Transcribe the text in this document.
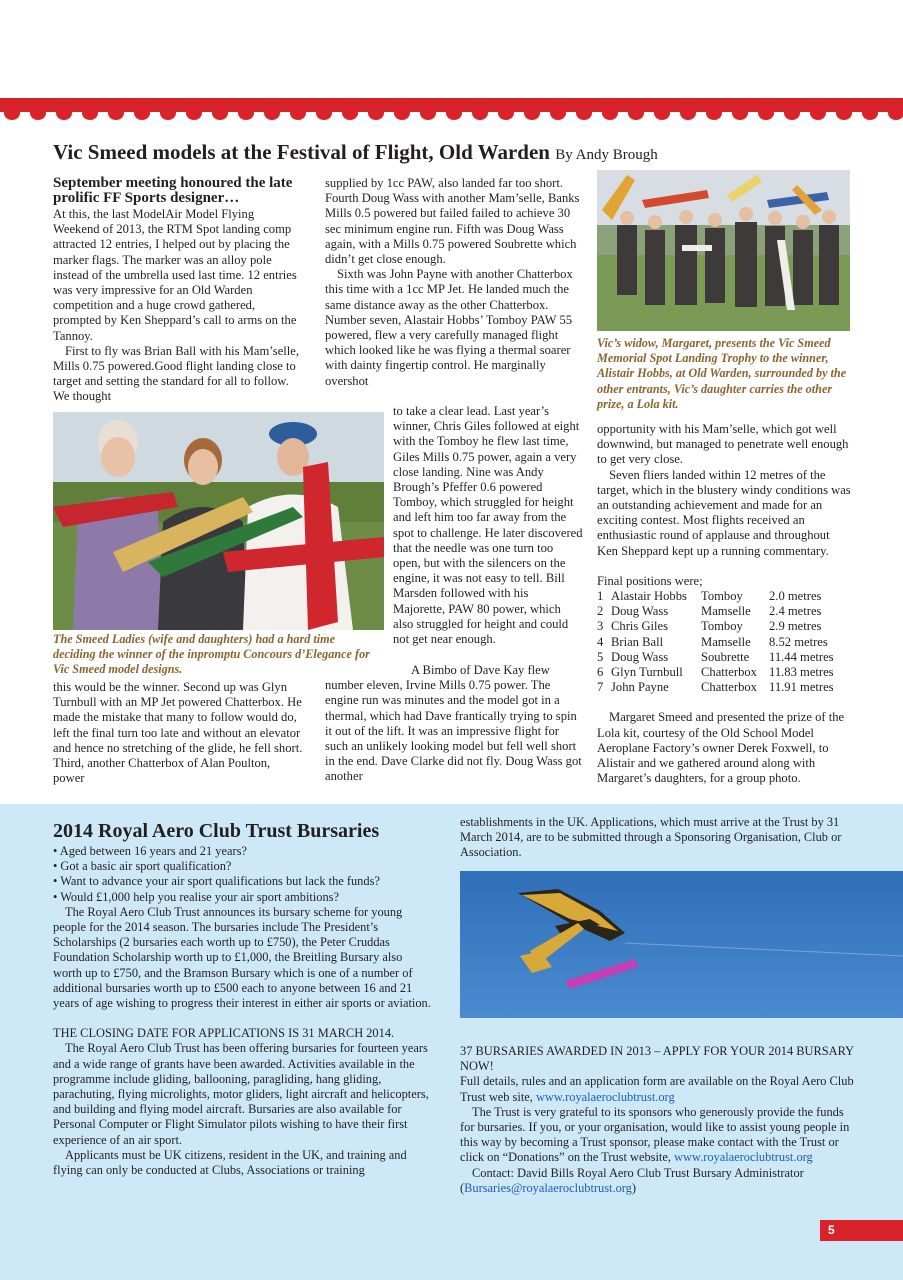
Vic Smeed models at the Festival of Flight, Old Warden By Andy Brough

September meeting honoured the late prolific FF Sports designer…

At this, the last ModelAir Model Flying Weekend of 2013, the RTM Spot landing comp attracted 12 entries, I helped out by placing the marker flags. The marker was an alloy pole instead of the umbrella used last time. 12 entries was very impressive for an Old Warden competition and a huge crowd gathered, prompted by Ken Sheppard’s call to arms on the Tannoy.

First to fly was Brian Ball with his Mam’selle, Mills 0.75 powered.Good flight landing close to target and setting the standard for all to follow. We thought

The Smeed Ladies (wife and daughters) had a hard time deciding the winner of the inpromptu Concours d’Elegance for Vic Smeed model designs.

this would be the winner. Second up was Glyn Turnbull with an MP Jet powered Chatterbox. He made the mistake that many to follow would do, left the final turn too late and without an elevator and hence no stretching of the glide, he fell short. Third, another Chatterbox of Alan Poulton, power

supplied by 1cc PAW, also landed far too short. Fourth Doug Wass with another Mam’selle, Banks Mills 0.5 powered but failed failed to achieve 30 sec minimum engine run. Fifth was Doug Wass again, with a Mills 0.75 powered Soubrette which didn’t get close enough.

Sixth was John Payne with another Chatterbox this time with a 1cc MP Jet. He landed much the same distance away as the other Chatterbox. Number seven, Alastair Hobbs’ Tomboy PAW 55 powered, flew a very carefully managed flight which looked like he was flying a thermal soarer with dainty fingertip control. He marginally overshot

to take a clear lead. Last year’s winner, Chris Giles followed at eight with the Tomboy he flew last time, Giles Mills 0.75 power, again a very close landing. Nine was Andy Brough’s Pfeffer 0.6 powered Tomboy, which struggled for height and left him too far away from the spot to challenge. He later discovered that the needle was one turn too open, but with the silencers on the engine, it was not easy to tell. Bill Marsden followed with his Majorette, PAW 80 power, which also struggled for height and could not get near enough.

A Bimbo of Dave Kay flew number eleven, Irvine Mills 0.75 power. The engine run was minutes and the model got in a thermal, which had Dave frantically trying to spin it out of the lift. It was an impressive flight for such an unlikely looking model but fell well short in the end. Dave Clarke did not fly. Doug Wass got another

Vic’s widow, Margaret, presents the Vic Smeed Memorial Spot Landing Trophy to the winner, Alistair Hobbs, at Old Warden, surrounded by the other entrants, Vic’s daughter carries the other prize, a Lola kit.

opportunity with his Mam’selle, which got well downwind, but managed to penetrate well enough to get very close.

Seven fliers landed within 12 metres of the target, which in the blustery windy conditions was an outstanding achievement and made for an exciting contest. Most flights received an enthusiastic round of applause and throughout Ken Sheppard kept up a running commentary.

Final positions were;

1	Alastair Hobbs	Tomboy	2.0 metres
2	Doug Wass	Mamselle	2.4 metres
3	Chris Giles	Tomboy	2.9 metres
4	Brian Ball	Mamselle	8.52 metres
5	Doug Wass	Soubrette	11.44 metres
6	Glyn Turnbull	Chatterbox	11.83 metres
7	John Payne	Chatterbox	11.91 metres

Margaret Smeed and presented the prize of the Lola kit, courtesy of the Old School Model Aeroplane Factory’s owner Derek Foxwell, to Alistair and we gathered around along with Margaret’s daughters, for a group photo.

2014 Royal Aero Club Trust Bursaries

• Aged between 16 years and 21 years?

• Got a basic air sport qualification?

• Want to advance your air sport qualifications but lack the funds?

• Would £1,000 help you realise your air sport ambitions?

The Royal Aero Club Trust announces its bursary scheme for young people for the 2014 season. The bursaries include The President’s Scholarships (2 bursaries each worth up to £750), the Peter Cruddas Foundation Scholarship worth up to £1,000, the Breitling Bursary also worth up to £750, and the Bramson Bursary which is one of a number of additional bursaries worth up to £500 each to anyone between 16 and 21 years of age wishing to progress their interest in either air sports or aviation.

THE CLOSING DATE FOR APPLICATIONS IS 31 MARCH 2014.

The Royal Aero Club Trust has been offering bursaries for fourteen years and a wide range of grants have been awarded. Activities available in the programme include gliding, ballooning, paragliding, hang gliding, parachuting, flying microlights, motor gliders, light aircraft and helicopters, and building and flying model aircraft. Bursaries are also available for Personal Computer or Flight Simulator pilots wishing to have their first experience of an air sport.

Applicants must be UK citizens, resident in the UK, and training and flying can only be conducted at Clubs, Associations or training

establishments in the UK. Applications, which must arrive at the Trust by 31 March 2014, are to be submitted through a Sponsoring Organisation, Club or Association.

37 BURSARIES AWARDED IN 2013 – APPLY FOR YOUR 2014 BURSARY NOW!

Full details, rules and an application form are available on the Royal Aero Club Trust web site, www.royalaeroclubtrust.org

The Trust is very grateful to its sponsors who generously provide the funds for bursaries. If you, or your organisation, would like to assist young people in this way by becoming a Trust sponsor, please make contact with the Trust or click on “Donations” on the Trust website, www.royalaeroclubtrust.org

Contact: David Bills Royal Aero Club Trust Bursary Administrator

(Bursaries@royalaeroclubtrust.org)

5
